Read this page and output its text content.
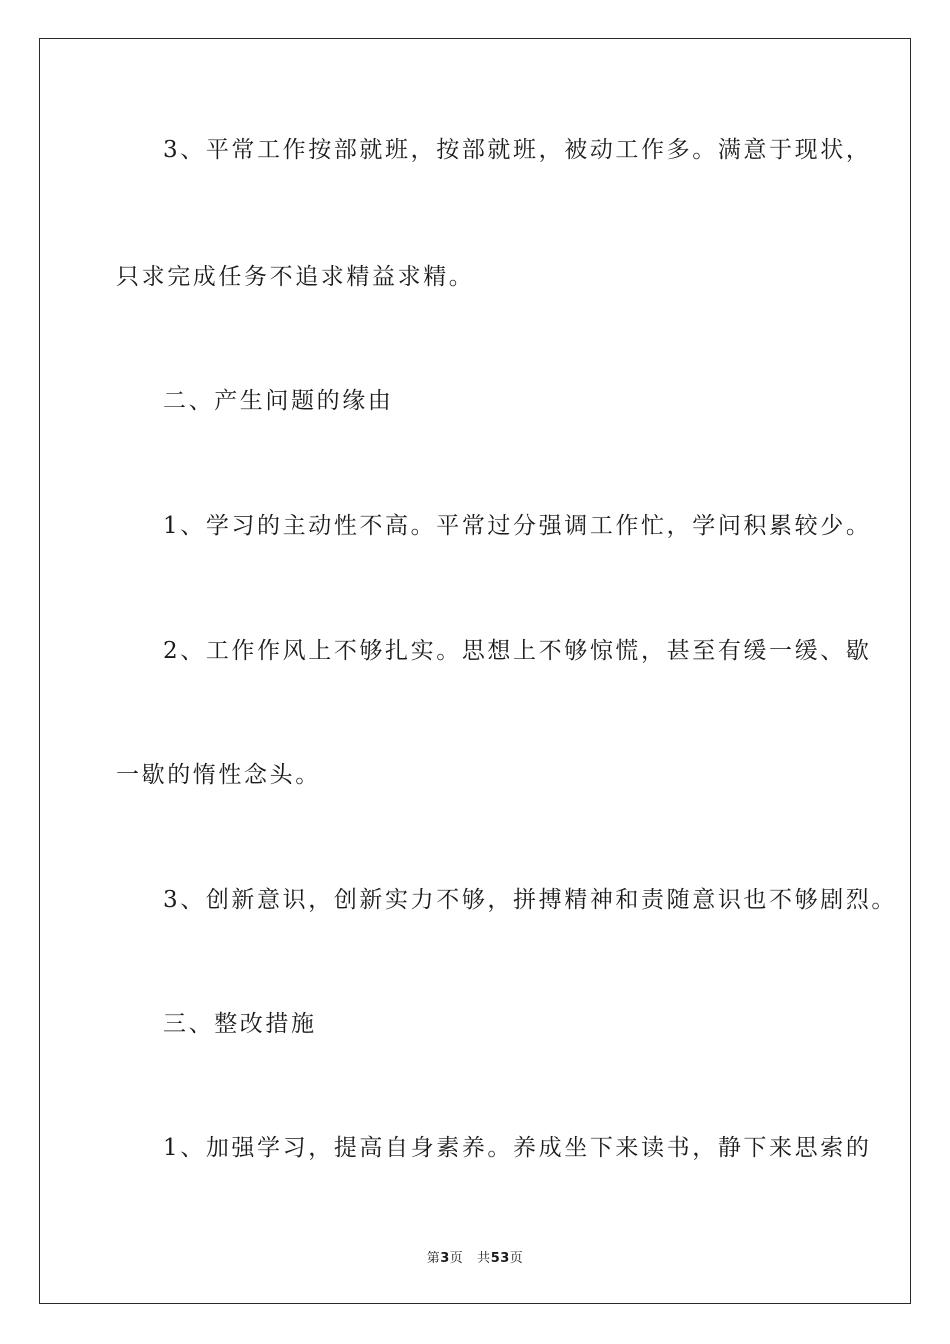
3、平常工作按部就班，按部就班，被动工作多。满意于现状，
只求完成任务不追求精益求精。
二、产生问题的缘由
1、学习的主动性不高。平常过分强调工作忙，学问积累较少。
2、工作作风上不够扎实。思想上不够惊慌，甚至有缓一缓、歇
一歇的惰性念头。
3、创新意识，创新实力不够，拼搏精神和责随意识也不够剧烈。
三、整改措施
1、加强学习，提高自身素养。养成坐下来读书，静下来思索的
第3页 共53页
